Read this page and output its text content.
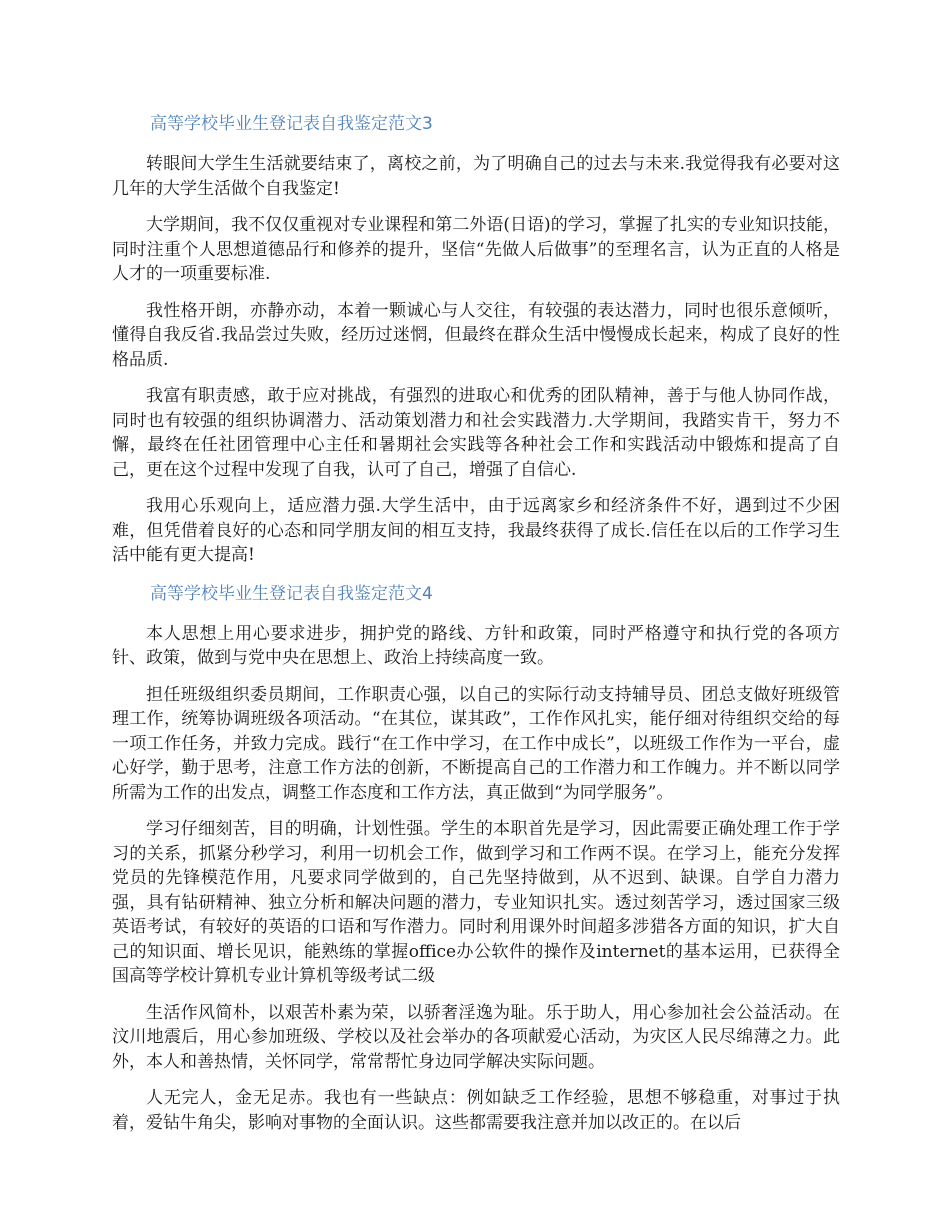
高等学校毕业生登记表自我鉴定范文3

转眼间大学生生活就要结束了，离校之前，为了明确自己的过去与未来.我觉得我有必要对这几年的大学生活做个自我鉴定!

大学期间，我不仅仅重视对专业课程和第二外语(日语)的学习，掌握了扎实的专业知识技能，同时注重个人思想道德品行和修养的提升，坚信“先做人后做事”的至理名言，认为正直的人格是人才的一项重要标准.

我性格开朗，亦静亦动，本着一颗诚心与人交往，有较强的表达潜力，同时也很乐意倾听，懂得自我反省.我品尝过失败，经历过迷惘，但最终在群众生活中慢慢成长起来，构成了良好的性格品质.

我富有职责感，敢于应对挑战，有强烈的进取心和优秀的团队精神，善于与他人协同作战，同时也有较强的组织协调潜力、活动策划潜力和社会实践潜力.大学期间，我踏实肯干，努力不懈，最终在任社团管理中心主任和暑期社会实践等各种社会工作和实践活动中锻炼和提高了自己，更在这个过程中发现了自我，认可了自己，增强了自信心.

我用心乐观向上，适应潜力强.大学生活中，由于远离家乡和经济条件不好，遇到过不少困难，但凭借着良好的心态和同学朋友间的相互支持，我最终获得了成长.信任在以后的工作学习生活中能有更大提高!

高等学校毕业生登记表自我鉴定范文4

本人思想上用心要求进步，拥护党的路线、方针和政策，同时严格遵守和执行党的各项方针、政策，做到与党中央在思想上、政治上持续高度一致。

担任班级组织委员期间，工作职责心强，以自己的实际行动支持辅导员、团总支做好班级管理工作，统筹协调班级各项活动。“在其位，谋其政”，工作作风扎实，能仔细对待组织交给的每一项工作任务，并致力完成。践行“在工作中学习，在工作中成长”，以班级工作作为一平台，虚心好学，勤于思考，注意工作方法的创新，不断提高自己的工作潜力和工作魄力。并不断以同学所需为工作的出发点，调整工作态度和工作方法，真正做到“为同学服务”。

学习仔细刻苦，目的明确，计划性强。学生的本职首先是学习，因此需要正确处理工作于学习的关系，抓紧分秒学习，利用一切机会工作，做到学习和工作两不误。在学习上，能充分发挥党员的先锋模范作用，凡要求同学做到的，自己先坚持做到，从不迟到、缺课。自学自力潜力强，具有钻研精神、独立分析和解决问题的潜力，专业知识扎实。透过刻苦学习，透过国家三级英语考试，有较好的英语的口语和写作潜力。同时利用课外时间超多涉猎各方面的知识，扩大自己的知识面、增长见识，能熟练的掌握office办公软件的操作及internet的基本运用，已获得全国高等学校计算机专业计算机等级考试二级

生活作风简朴，以艰苦朴素为荣，以骄奢淫逸为耻。乐于助人，用心参加社会公益活动。在汶川地震后，用心参加班级、学校以及社会举办的各项献爱心活动，为灾区人民尽绵薄之力。此外，本人和善热情，关怀同学，常常帮忙身边同学解决实际问题。

人无完人，金无足赤。我也有一些缺点：例如缺乏工作经验，思想不够稳重，对事过于执着，爱钻牛角尖，影响对事物的全面认识。这些都需要我注意并加以改正的。在以后
